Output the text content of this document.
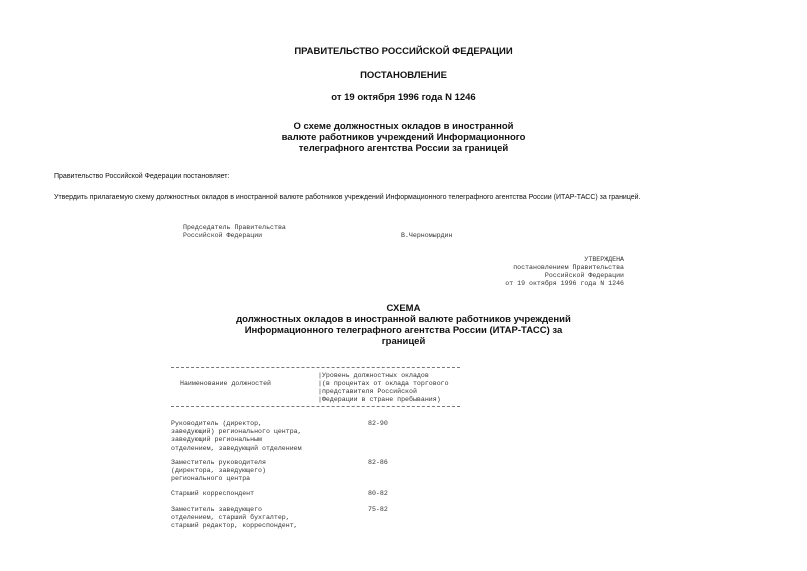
ПРАВИТЕЛЬСТВО РОССИЙСКОЙ ФЕДЕРАЦИИ
ПОСТАНОВЛЕНИЕ
от 19 октября 1996 года N 1246
О схеме должностных окладов в иностранной
валюте работников учреждений Информационного
телеграфного агентства России за границей
Правительство Российской Федерации постановляет:
Утвердить прилагаемую схему должностных окладов в иностранной валюте работников учреждений Информационного телеграфного агентства России (ИТАР-ТАСС) за границей.
Председатель Правительства
Российской Федерации	В.Черномырдин
УТВЕРЖДЕНА
постановлением Правительства
Российской Федерации
от 19 октября 1996 года N 1246
СХЕМА
должностных окладов в иностранной валюте работников учреждений
Информационного телеграфного агентства России (ИТАР-ТАСС) за
границей
Наименование должностей
|Уровень должностных окладов
|(в процентах от оклада торгового
|представителя Российской
|Федерации в стране пребывания)
Руководитель (директор,
заведующий) регионального центра,
заведующий региональным
отделением, заведующий отделением
82-90
Заместитель руководителя
(директора, заведующего)
регионального центра
82-86
Старший корреспондент	80-82
Заместитель заведующего
отделением, старший бухгалтер,
старший редактор, корреспондент,
75-82
